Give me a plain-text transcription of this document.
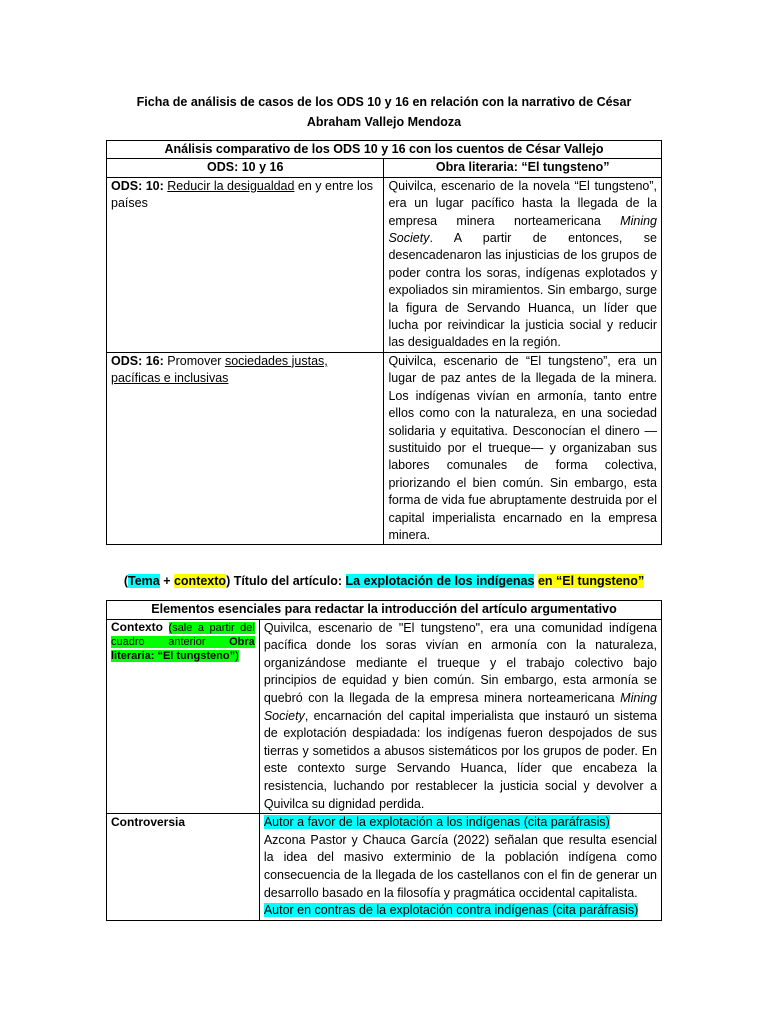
Ficha de análisis de casos de los ODS 10 y 16 en relación con la narrativo de César Abraham Vallejo Mendoza
Análisis comparativo de los ODS 10 y 16 con los cuentos de César Vallejo	
ODS: 10 y 16	Obra literaria: “El tungsteno”
ODS: 10: Reducir la desigualdad en y entre los países	Quivilca, escenario de la novela “El tungsteno”, era un lugar pacífico hasta la llegada de la empresa minera norteamericana Mining Society. A partir de entonces, se desencadenaron las injusticias de los grupos de poder contra los soras, indígenas explotados y expoliados sin miramientos. Sin embargo, surge la figura de Servando Huanca, un líder que lucha por reivindicar la justicia social y reducir las desigualdades en la región.
ODS: 16: Promover sociedades justas, pacíficas e inclusivas	Quivilca, escenario de “El tungsteno”, era un lugar de paz antes de la llegada de la minera. Los indígenas vivían en armonía, tanto entre ellos como con la naturaleza, en una sociedad solidaria y equitativa. Desconocían el dinero —sustituido por el trueque— y organizaban sus labores comunales de forma colectiva, priorizando el bien común. Sin embargo, esta forma de vida fue abruptamente destruida por el capital imperialista encarnado en la empresa minera.
(Tema + contexto) Título del artículo: La explotación de los indígenas en “El tungsteno”
Elementos esenciales para redactar la introducción del artículo argumentativo	

Contexto (sale a partir del cuadro anterior Obra literaria: “El tungsteno”)	Quivilca, escenario de "El tungsteno", era una comunidad indígena pacífica donde los soras vivían en armonía con la naturaleza, organizándose mediante el trueque y el trabajo colectivo bajo principios de equidad y bien común. Sin embargo, esta armonía se quebró con la llegada de la empresa minera norteamericana Mining Society, encarnación del capital imperialista que instauró un sistema de explotación despiadada: los indígenas fueron despojados de sus tierras y sometidos a abusos sistemáticos por los grupos de poder. En este contexto surge Servando Huanca, líder que encabeza la resistencia, luchando por restablecer la justicia social y devolver a Quivilca su dignidad perdida.
Controversia	Autor a favor de la explotación a los indígenas (cita paráfrasis)
Azcona Pastor y Chauca García (2022) señalan que resulta esencial la idea del masivo exterminio de la población indígena como consecuencia de la llegada de los castellanos con el fin de generar un desarrollo basado en la filosofía y pragmática occidental capitalista.
Autor en contras de la explotación contra indígenas (cita paráfrasis)
